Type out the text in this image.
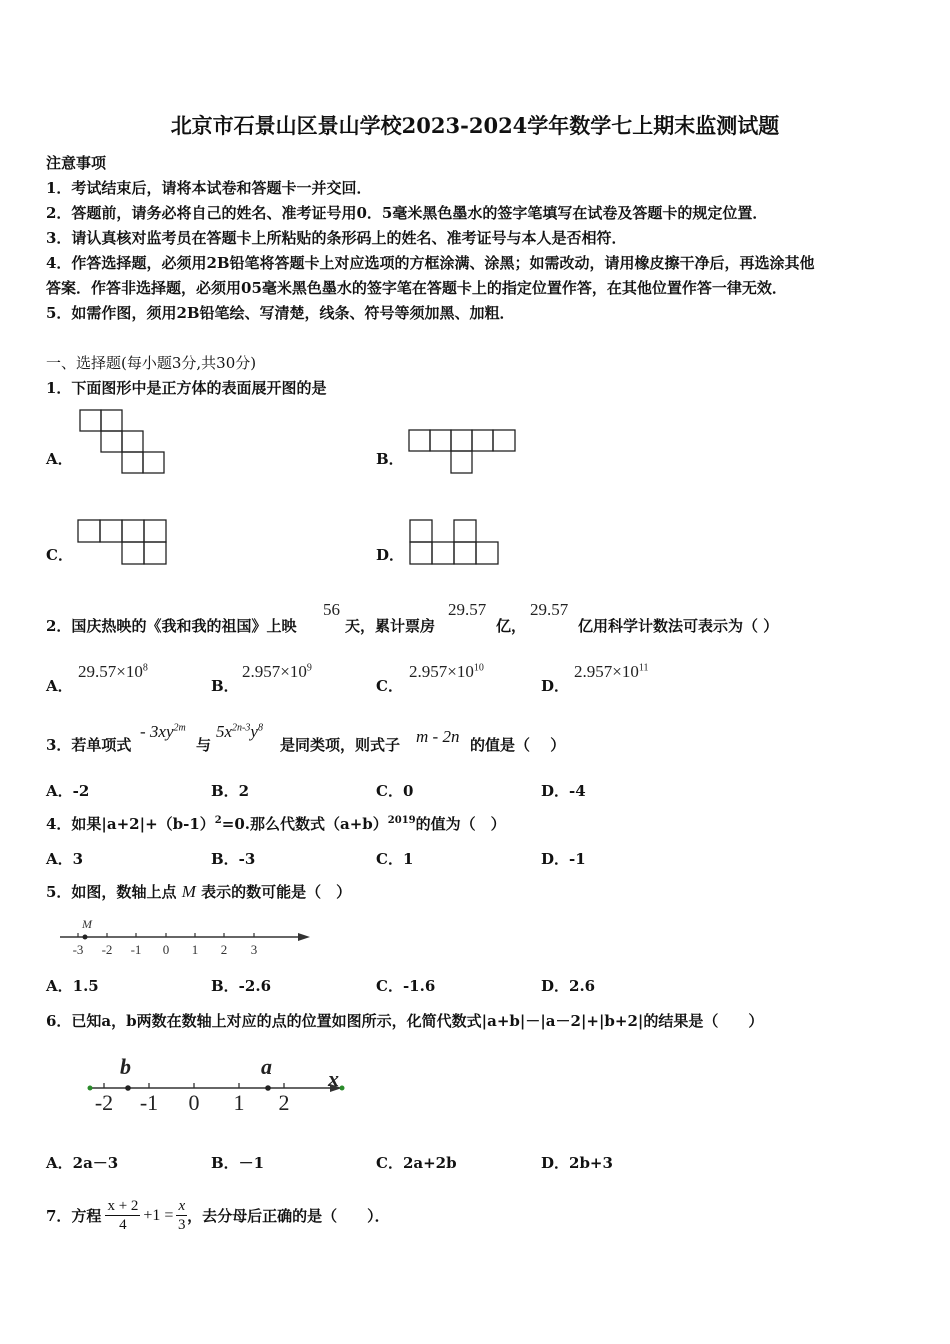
北京市石景山区景山学校2023-2024学年数学七上期末监测试题
注意事项
1．考试结束后，请将本试卷和答题卡一并交回．
2．答题前，请务必将自己的姓名、准考证号用0．5毫米黑色墨水的签字笔填写在试卷及答题卡的规定位置．
3．请认真核对监考员在答题卡上所粘贴的条形码上的姓名、准考证号与本人是否相符．
4．作答选择题，必须用2B铅笔将答题卡上对应选项的方框涂满、涂黑；如需改动，请用橡皮擦干净后，再选涂其他
答案．作答非选择题，必须用05毫米黑色墨水的签字笔在答题卡上的指定位置作答，在其他位置作答一律无效．
5．如需作图，须用2B铅笔绘、写清楚，线条、符号等须加黑、加粗．
一、选择题(每小题3分,共30分)
1．下面图形中是正方体的表面展开图的是
A．	B．
C．	D．
2．国庆热映的《我和我的祖国》上映
56
天，累计票房
29.57
亿，
29.57
亿用科学计数法可表示为（ ）
A．
$29.57\times 10^8$
B．
$2.957\times 10^9$
C．
$2.957\times 10^{10}$
D．
$2.957\times 10^{11}$
3．若单项式
- $3xy^{2m}$
与
$5x^{2n-3}y^8$
是同类项，则式子 m - 2n 的值是（　 ）
A．-2	B．2	C．0	D．-4
4．如果$|a+2|+(b-1)^2=0$.那么代数式$(a+b)^{2019}$的值为（　）
A．3	B．-3	C．1	D．-1
5．如图，数轴上点 M 表示的数可能是（　）
M
-3 -2 -1 0 1 2 3
A．1.5	B．-2.6	C．-1.6	D．2.6
6．已知a，b两数在数轴上对应的点的位置如图所示，化简代数式|a+b|－|a－2|+|b+2|的结果是（　　）
b	a	x
-2 -1 0 1 2
A．2a－3	B．－1	C．2a+2b	D．2b+3
7．方程 $\frac{x + 2}{4} +1 = \frac{x}{3}$ ，去分母后正确的是（　　）．
